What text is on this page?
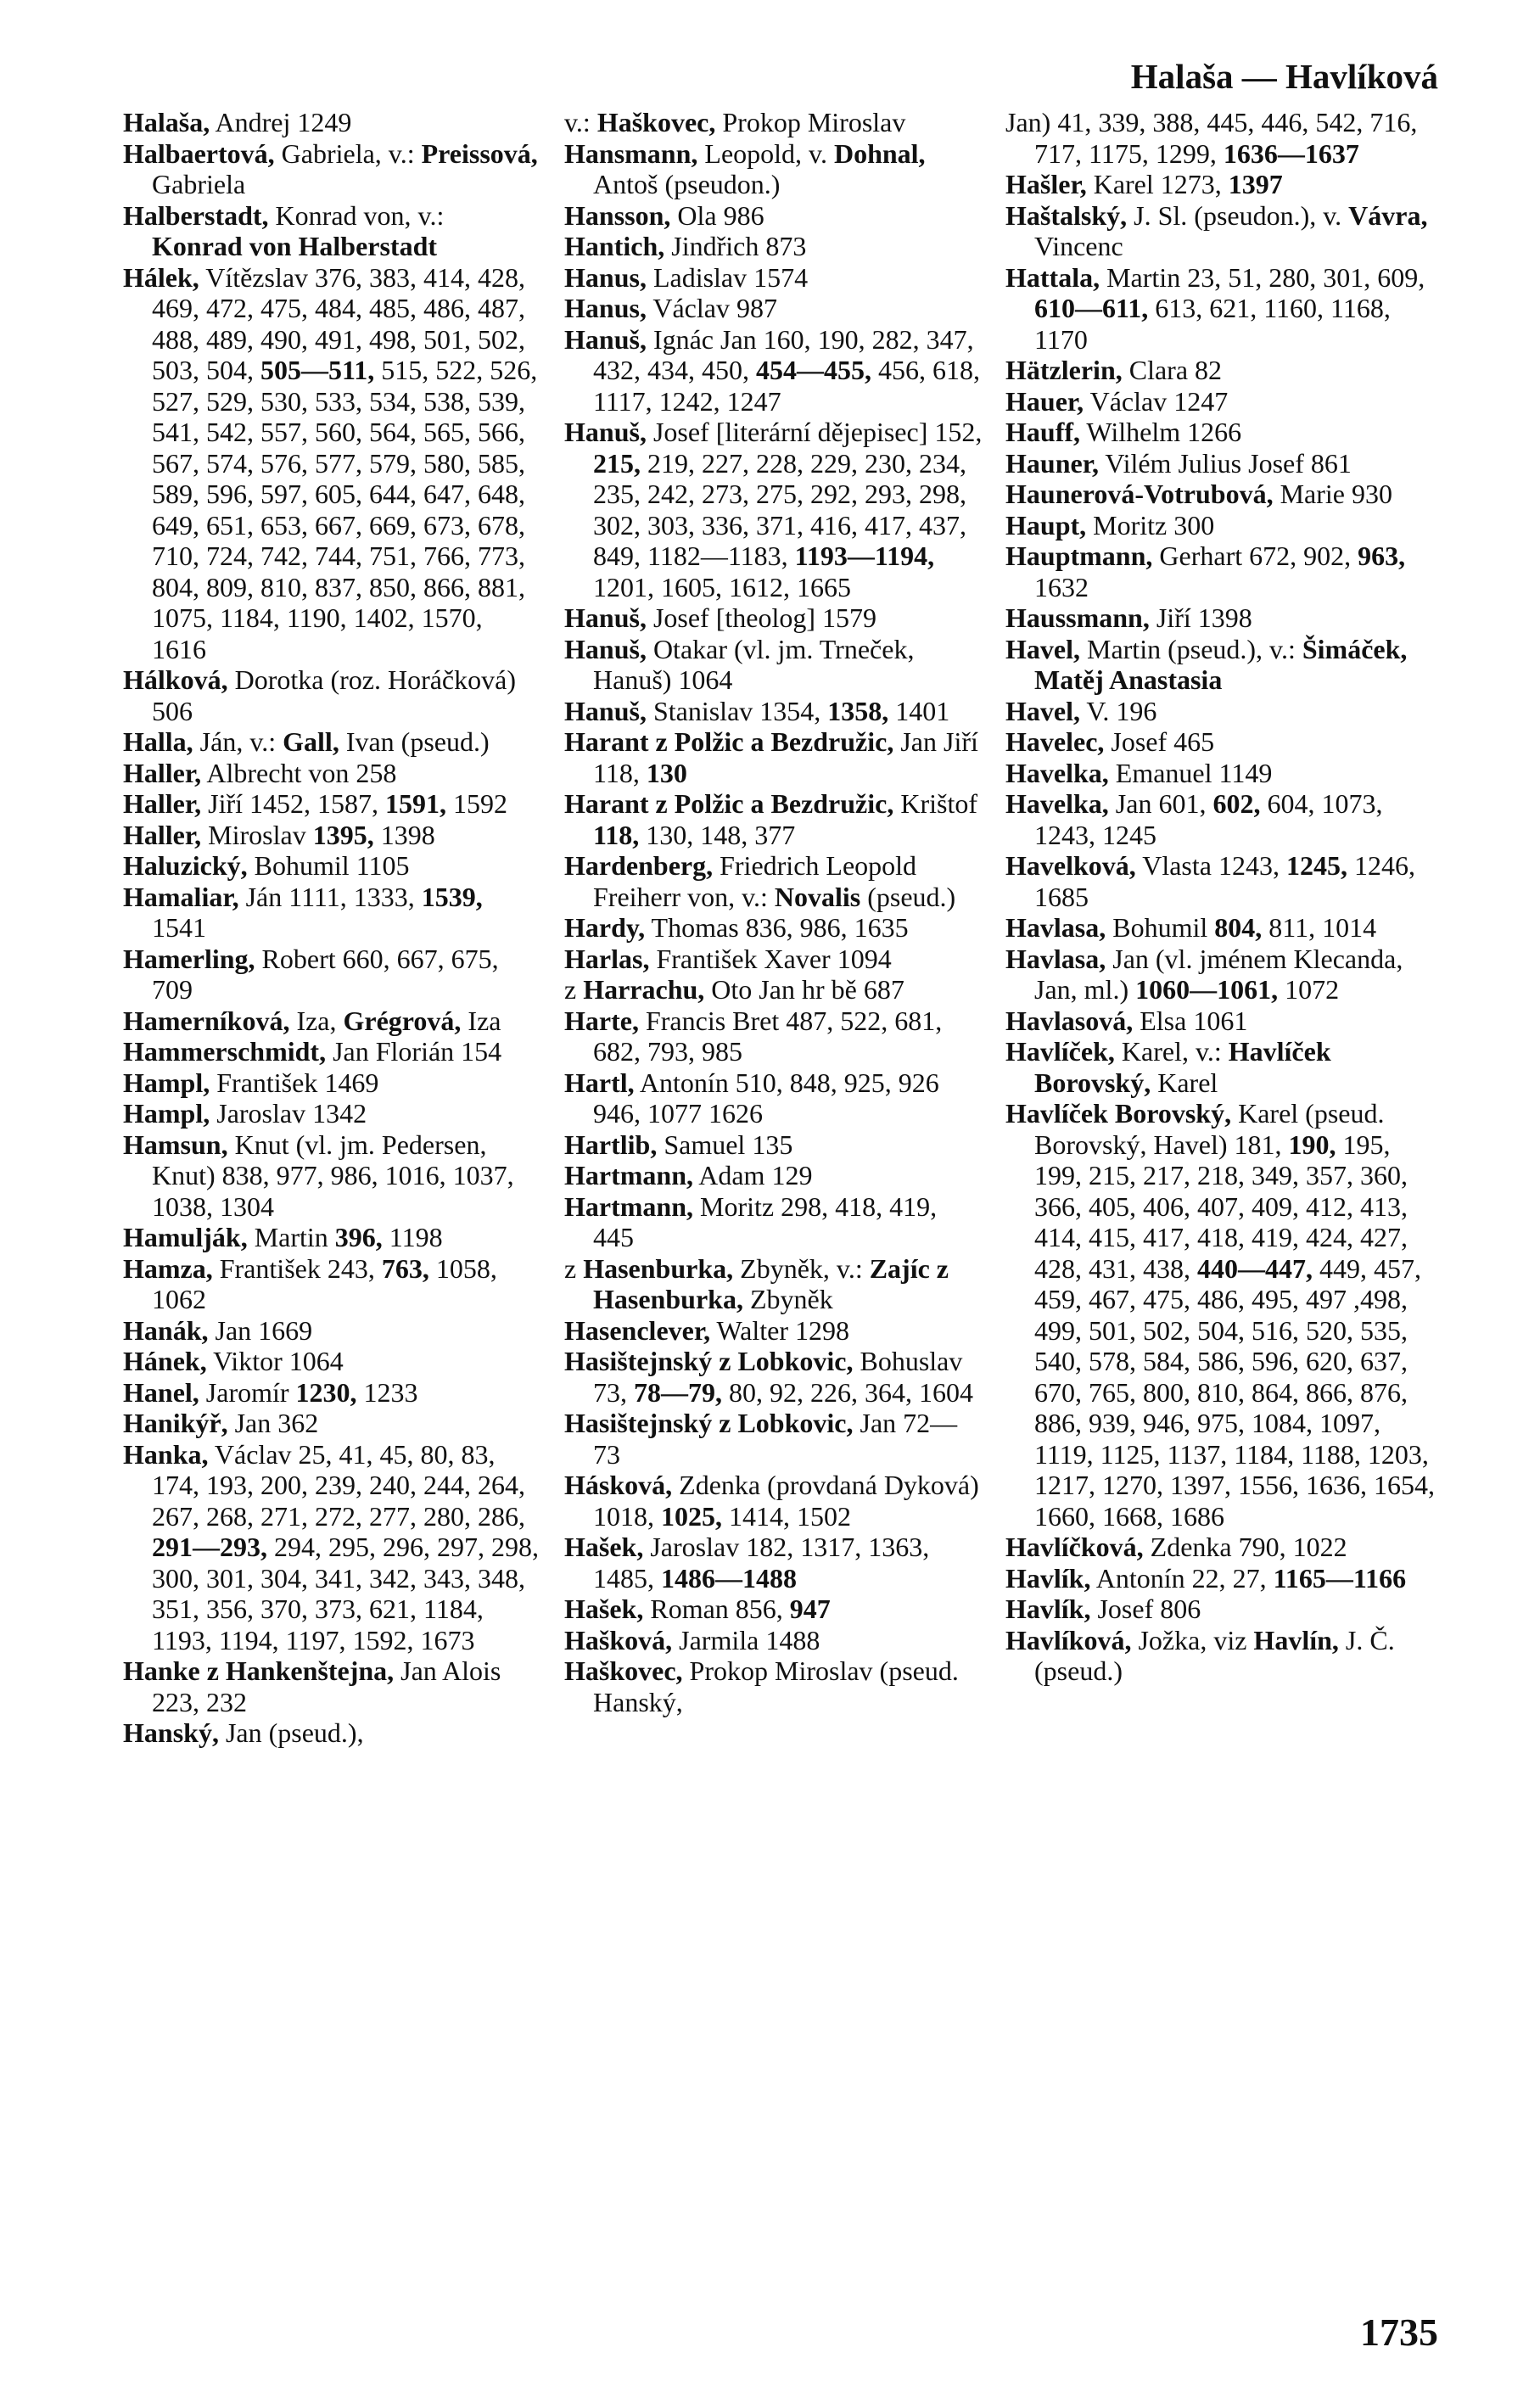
Halaša — Havlíková
Halaša, Andrej 1249
Halbaertová, Gabriela, v.: Preissová, Gabriela
Halberstadt, Konrad von, v.: Konrad von Halberstadt
Hálek, Vítězslav 376, 383, 414, 428, 469, 472, 475, 484, 485, 486, 487, 488, 489, 490, 491, 498, 501, 502, 503, 504, 505—511, 515, 522, 526, 527, 529, 530, 533, 534, 538, 539, 541, 542, 557, 560, 564, 565, 566, 567, 574, 576, 577, 579, 580, 585, 589, 596, 597, 605, 644, 647, 648, 649, 651, 653, 667, 669, 673, 678, 710, 724, 742, 744, 751, 766, 773, 804, 809, 810, 837, 850, 866, 881, 1075, 1184, 1190, 1402, 1570, 1616
Hálková, Dorotka (roz. Horáčková) 506
Halla, Ján, v.: Gall, Ivan (pseud.)
Haller, Albrecht von 258
Haller, Jiří 1452, 1587, 1591, 1592
Haller, Miroslav 1395, 1398
Haluzický, Bohumil 1105
Hamaliar, Ján 1111, 1333, 1539, 1541
Hamerling, Robert 660, 667, 675, 709
Hamerníková, Iza, Grégrová, Iza
Hammerschmidt, Jan Florián 154
Hampl, František 1469
Hampl, Jaroslav 1342
Hamsun, Knut (vl. jm. Pedersen, Knut) 838, 977, 986, 1016, 1037, 1038, 1304
Hamulják, Martin 396, 1198
Hamza, František 243, 763, 1058, 1062
Hanák, Jan 1669
Hánek, Viktor 1064
Hanel, Jaromír 1230, 1233
Hanikýř, Jan 362
Hanka, Václav 25, 41, 45, 80, 83, 174, 193, 200, 239, 240, 244, 264, 267, 268, 271, 272, 277, 280, 286, 291—293, 294, 295, 296, 297, 298, 300, 301, 304, 341, 342, 343, 348, 351, 356, 370, 373, 621, 1184, 1193, 1194, 1197, 1592, 1673
Hanke z Hankenštejna, Jan Alois 223, 232
Hanský, Jan (pseud.),
v.: Haškovec, Prokop Miroslav
Hansmann, Leopold, v. Dohnal, Antoš (pseudon.)
Hansson, Ola 986
Hantich, Jindřich 873
Hanus, Ladislav 1574
Hanus, Václav 987
Hanuš, Ignác Jan 160, 190, 282, 347, 432, 434, 450, 454—455, 456, 618, 1117, 1242, 1247
Hanuš, Josef [literární dějepisec] 152, 215, 219, 227, 228, 229, 230, 234, 235, 242, 273, 275, 292, 293, 298, 302, 303, 336, 371, 416, 417, 437, 849, 1182—1183, 1193—1194, 1201, 1605, 1612, 1665
Hanuš, Josef [theolog] 1579
Hanuš, Otakar (vl. jm. Trneček, Hanuš) 1064
Hanuš, Stanislav 1354, 1358, 1401
Harant z Polžic a Bezdružic, Jan Jiří 118, 130
Harant z Polžic a Bezdružic, Krištof 118, 130, 148, 377
Hardenberg, Friedrich Leopold Freiherr von, v.: Novalis (pseud.)
Hardy, Thomas 836, 986, 1635
Harlas, František Xaver 1094
z Harrachu, Oto Jan hr bě 687
Harte, Francis Bret 487, 522, 681, 682, 793, 985
Hartl, Antonín 510, 848, 925, 926 946, 1077 1626
Hartlib, Samuel 135
Hartmann, Adam 129
Hartmann, Moritz 298, 418, 419, 445
z Hasenburka, Zbyněk, v.: Zajíc z Hasenburka, Zbyněk
Hasenclever, Walter 1298
Hasištejnský z Lobkovic, Bohuslav 73, 78—79, 80, 92, 226, 364, 1604
Hasištejnský z Lobkovic, Jan 72—73
Hásková, Zdenka (provdaná Dyková) 1018, 1025, 1414, 1502
Hašek, Jaroslav 182, 1317, 1363, 1485, 1486—1488
Hašek, Roman 856, 947
Hašková, Jarmila 1488
Haškovec, Prokop Miroslav (pseud. Hanský,
Jan) 41, 339, 388, 445, 446, 542, 716, 717, 1175, 1299, 1636—1637
Hašler, Karel 1273, 1397
Haštalský, J. Sl. (pseudon.), v. Vávra, Vincenc
Hattala, Martin 23, 51, 280, 301, 609, 610—611, 613, 621, 1160, 1168, 1170
Hätzlerin, Clara 82
Hauer, Václav 1247
Hauff, Wilhelm 1266
Hauner, Vilém Julius Josef 861
Haunerová-Votrubová, Marie 930
Haupt, Moritz 300
Hauptmann, Gerhart 672, 902, 963, 1632
Haussmann, Jiří 1398
Havel, Martin (pseud.), v.: Šimáček, Matěj Anastasia
Havel, V. 196
Havelec, Josef 465
Havelka, Emanuel 1149
Havelka, Jan 601, 602, 604, 1073, 1243, 1245
Havelková, Vlasta 1243, 1245, 1246, 1685
Havlasa, Bohumil 804, 811, 1014
Havlasa, Jan (vl. jménem Klecanda, Jan, ml.) 1060—1061, 1072
Havlasová, Elsa 1061
Havlíček, Karel, v.: Havlíček Borovský, Karel
Havlíček Borovský, Karel (pseud. Borovský, Havel) 181, 190, 195, 199, 215, 217, 218, 349, 357, 360, 366, 405, 406, 407, 409, 412, 413, 414, 415, 417, 418, 419, 424, 427, 428, 431, 438, 440—447, 449, 457, 459, 467, 475, 486, 495, 497 ,498, 499, 501, 502, 504, 516, 520, 535, 540, 578, 584, 586, 596, 620, 637, 670, 765, 800, 810, 864, 866, 876, 886, 939, 946, 975, 1084, 1097, 1119, 1125, 1137, 1184, 1188, 1203, 1217, 1270, 1397, 1556, 1636, 1654, 1660, 1668, 1686
Havlíčková, Zdenka 790, 1022
Havlík, Antonín 22, 27, 1165—1166
Havlík, Josef 806
Havlíková, Jožka, viz Havlín, J. Č. (pseud.)
1735
